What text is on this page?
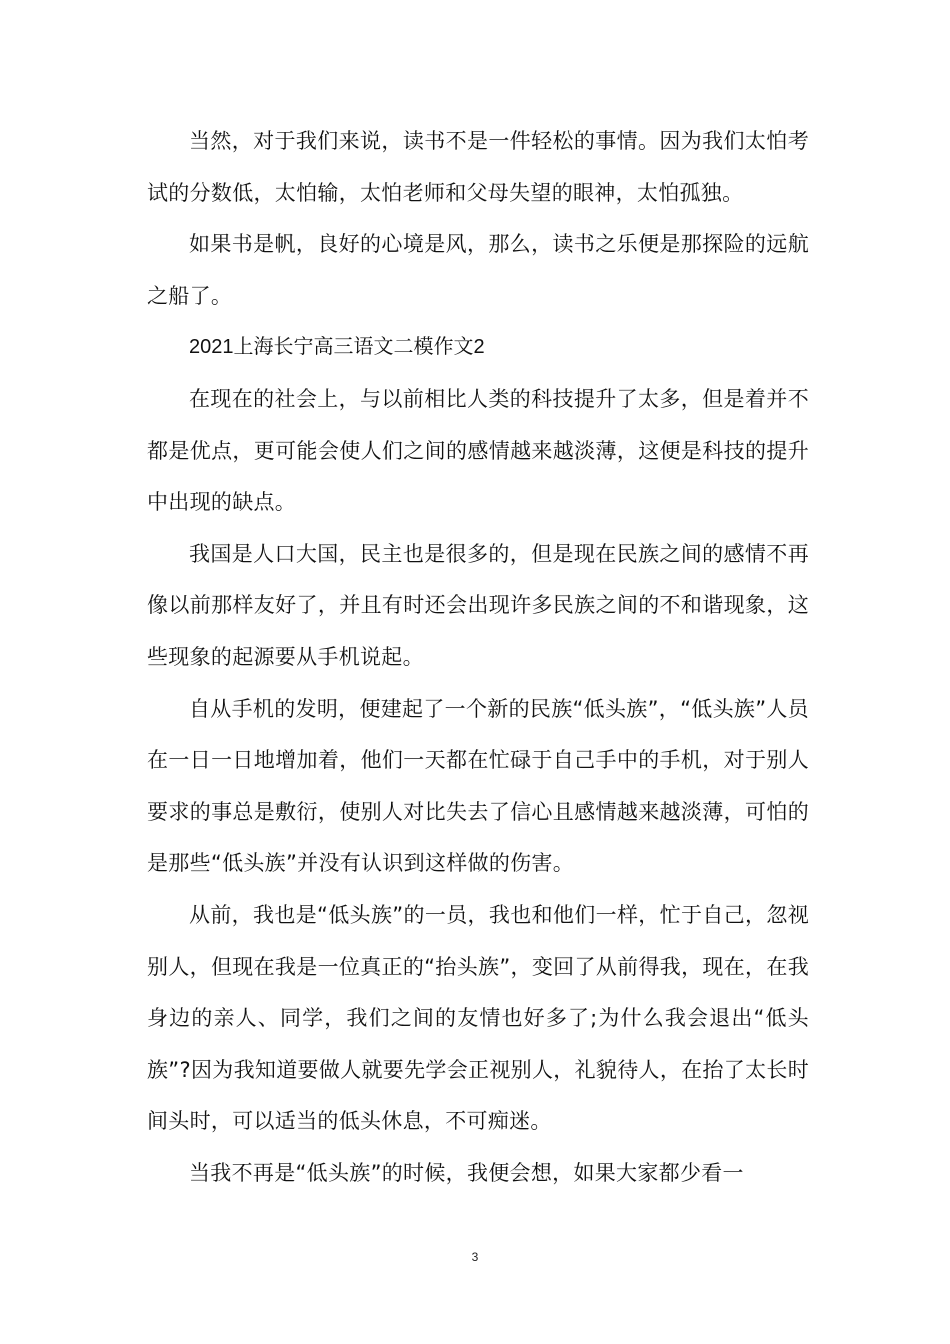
当然，对于我们来说，读书不是一件轻松的事情。因为我们太怕考试的分数低，太怕输，太怕老师和父母失望的眼神，太怕孤独。

如果书是帆，良好的心境是风，那么，读书之乐便是那探险的远航之船了。

2021上海长宁高三语文二模作文2

在现在的社会上，与以前相比人类的科技提升了太多，但是着并不都是优点，更可能会使人们之间的感情越来越淡薄，这便是科技的提升中出现的缺点。

我国是人口大国，民主也是很多的，但是现在民族之间的感情不再像以前那样友好了，并且有时还会出现许多民族之间的不和谐现象，这些现象的起源要从手机说起。

自从手机的发明，便建起了一个新的民族“低头族”，“低头族”人员在一日一日地增加着，他们一天都在忙碌于自己手中的手机，对于别人要求的事总是敷衍，使别人对比失去了信心且感情越来越淡薄，可怕的是那些“低头族”并没有认识到这样做的伤害。

从前，我也是“低头族”的一员，我也和他们一样，忙于自己，忽视别人，但现在我是一位真正的“抬头族”，变回了从前得我，现在，在我身边的亲人、同学，我们之间的友情也好多了;为什么我会退出“低头族”?因为我知道要做人就要先学会正视别人，礼貌待人，在抬了太长时间头时，可以适当的低头休息，不可痴迷。

当我不再是“低头族”的时候，我便会想，如果大家都少看一

3
